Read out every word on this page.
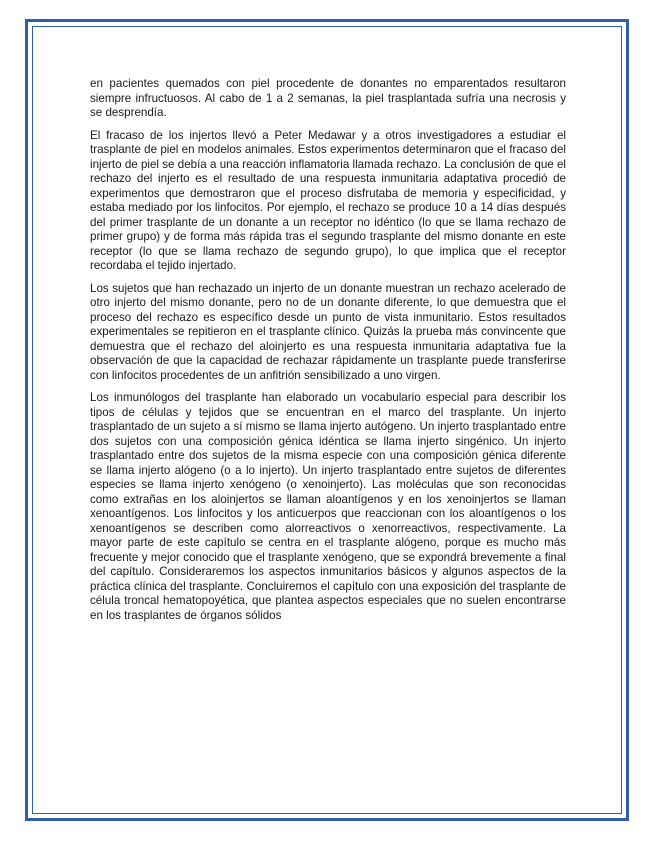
en pacientes quemados con piel procedente de donantes no emparentados resultaron siempre infructuosos. Al cabo de 1 a 2 semanas, la piel trasplantada sufría una necrosis y se desprendía.

El fracaso de los injertos llevó a Peter Medawar y a otros investigadores a estudiar el trasplante de piel en modelos animales. Estos experimentos determinaron que el fracaso del injerto de piel se debía a una reacción inflamatoria llamada rechazo. La conclusión de que el rechazo del injerto es el resultado de una respuesta inmunitaria adaptativa procedió de experimentos que demostraron que el proceso disfrutaba de memoria y especificidad, y estaba mediado por los linfocitos. Por ejemplo, el rechazo se produce 10 a 14 días después del primer trasplante de un donante a un receptor no idéntico (lo que se llama rechazo de primer grupo) y de forma más rápida tras el segundo trasplante del mismo donante en este receptor (lo que se llama rechazo de segundo grupo), lo que implica que el receptor recordaba el tejido injertado.

Los sujetos que han rechazado un injerto de un donante muestran un rechazo acelerado de otro injerto del mismo donante, pero no de un donante diferente, lo que demuestra que el proceso del rechazo es específico desde un punto de vista inmunitario. Estos resultados experimentales se repitieron en el trasplante clínico. Quizás la prueba más convincente que demuestra que el rechazo del aloinjerto es una respuesta inmunitaria adaptativa fue la observación de que la capacidad de rechazar rápidamente un trasplante puede transferirse con linfocitos procedentes de un anfitrión sensibilizado a uno virgen.

Los inmunólogos del trasplante han elaborado un vocabulario especial para describir los tipos de células y tejidos que se encuentran en el marco del trasplante. Un injerto trasplantado de un sujeto a sí mismo se llama injerto autógeno. Un injerto trasplantado entre dos sujetos con una composición génica idéntica se llama injerto singénico. Un injerto trasplantado entre dos sujetos de la misma especie con una composición génica diferente se llama injerto alógeno (o a lo injerto). Un injerto trasplantado entre sujetos de diferentes especies se llama injerto xenógeno (o xenoinjerto). Las moléculas que son reconocidas como extrañas en los aloinjertos se llaman aloantígenos y en los xenoinjertos se llaman xenoantígenos. Los linfocitos y los anticuerpos que reaccionan con los aloantígenos o los xenoantígenos se describen como alorreactivos o xenorreactivos, respectivamente. La mayor parte de este capítulo se centra en el trasplante alógeno, porque es mucho más frecuente y mejor conocido que el trasplante xenógeno, que se expondrá brevemente a final del capítulo. Consideraremos los aspectos inmunitarios básicos y algunos aspectos de la práctica clínica del trasplante. Concluiremos el capítulo con una exposición del trasplante de célula troncal hematopoyética, que plantea aspectos especiales que no suelen encontrarse en los trasplantes de órganos sólidos
